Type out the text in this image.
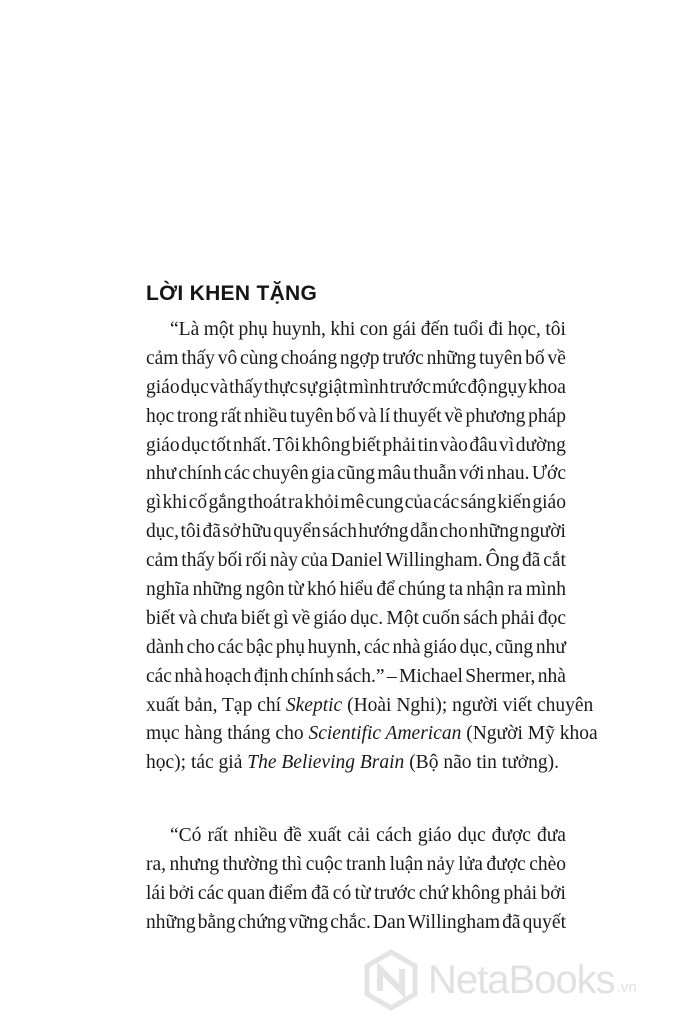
LỜI KHEN TẶNG
“Là một phụ huynh, khi con gái đến tuổi đi học, tôi
cảm thấy vô cùng choáng ngợp trước những tuyên bố về
giáo dục và thấy thực sự giật mình trước mức độ ngụy khoa
học trong rất nhiều tuyên bố và lí thuyết về phương pháp
giáo dục tốt nhất. Tôi không biết phải tin vào đâu vì dường
như chính các chuyên gia cũng mâu thuẫn với nhau. Ước
gì khi cố gắng thoát ra khỏi mê cung của các sáng kiến giáo
dục, tôi đã sở hữu quyển sách hướng dẫn cho những người
cảm thấy bối rối này của Daniel Willingham. Ông đã cắt
nghĩa những ngôn từ khó hiểu để chúng ta nhận ra mình
biết và chưa biết gì về giáo dục. Một cuốn sách phải đọc
dành cho các bậc phụ huynh, các nhà giáo dục, cũng như
các nhà hoạch định chính sách.” – Michael Shermer, nhà
xuất bản, Tạp chí Skeptic (Hoài Nghi); người viết chuyên
mục hàng tháng cho Scientific American (Người Mỹ khoa
học); tác giả The Believing Brain (Bộ não tin tưởng).
“Có rất nhiều đề xuất cải cách giáo dục được đưa
ra, nhưng thường thì cuộc tranh luận nảy lửa được chèo
lái bởi các quan điểm đã có từ trước chứ không phải bởi
những bằng chứng vững chắc. Dan Willingham đã quyết
NetaBooks .vn
